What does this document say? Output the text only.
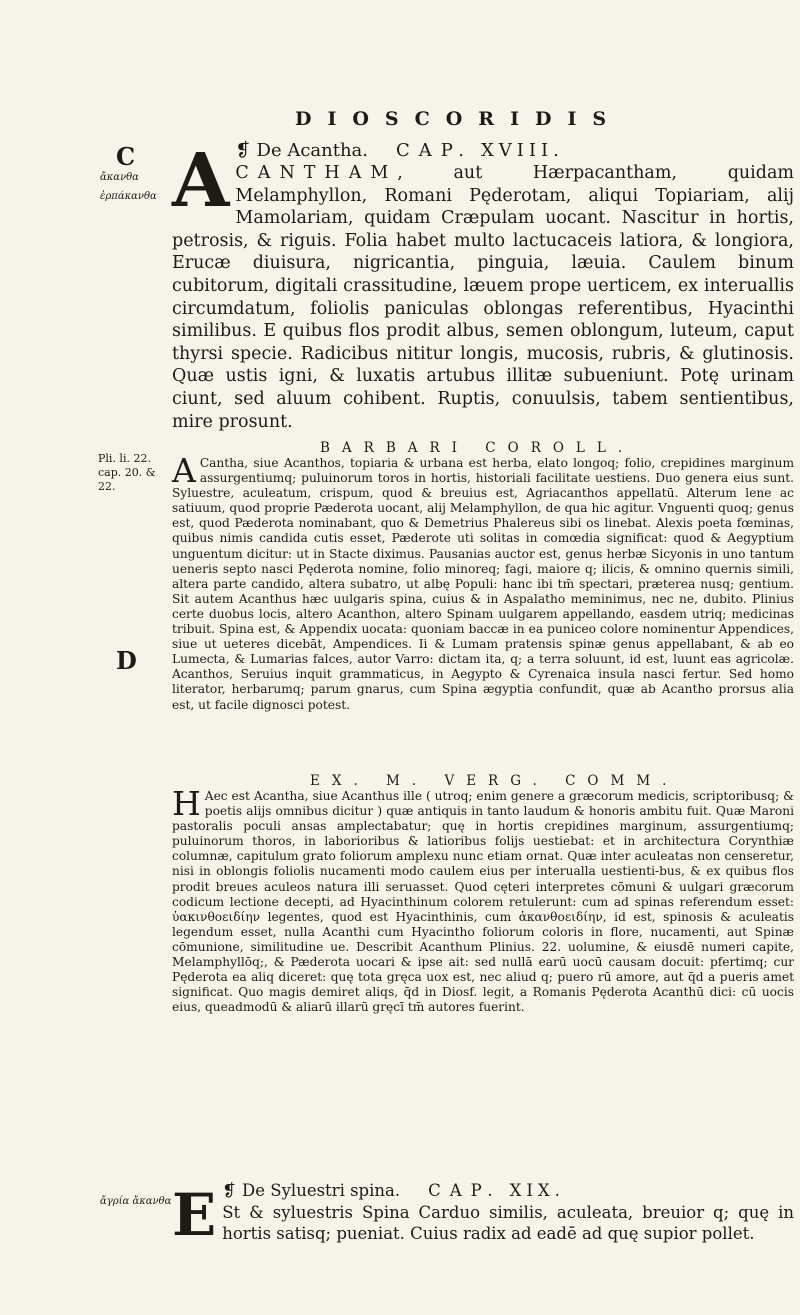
DIOSCORIDIS
C
ἄκανθα
ἐρπάκανθα
Pli. li. 22. cap. 20. & 22.
D
ἄγρία ἄκανθα
A ❡ De Acantha. CAP. XVIII.
CANTHAM, aut Hærpacantham, quidam Melamphyllon, Romani Pęderotam, aliqui Topiariam, alij Mamolariam, quidam Cræpulam uocant. Nascitur in hortis, petrosis, & riguis. Folia habet multo lactucaceis latiora, & longiora, Erucæ diuisura, nigricantia, pinguia, læuia. Caulem binum cubitorum, digitali crassitudine, læuem prope uerticem, ex interuallis circumdatum, foliolis paniculas oblongas referentibus, Hyacinthi similibus. E quibus flos prodit albus, semen oblongum, luteum, caput thyrsi specie. Radicibus nititur longis, mucosis, rubris, & glutinosis. Quæ ustis igni, & luxatis artubus illitæ subueniunt. Potę urinam ciunt, sed aluum cohibent. Ruptis, conuulsis, tabem sentientibus, mire prosunt.
BARBARI COROLL.
A Cantha, siue Acanthos, topiaria & urbana est herba, elato longoq; folio, crepidines marginum assurgentiumq; puluinorum toros in hortis, historiali facilitate uestiens. Duo genera eius sunt. Syluestre, aculeatum, crispum, quod & breuius est, Agriacanthos appellatū. Alterum lene ac satiuum, quod proprie Pæderota uocant, alij Melamphyllon, de qua hic agitur. Vnguenti quoq; genus est, quod Pæderota nominabant, quo & Demetrius Phalereus sibi os linebat. Alexis poeta fœminas, quibus nimis candida cutis esset, Pæderote uti solitas in comœdia significat: quod & Aegyptium unguentum dicitur: ut in Stacte diximus. Pausanias auctor est, genus herbæ Sicyonis in uno tantum ueneris septo nasci Pęderota nomine, folio minoreq; fagi, maiore q; ilicis, & omnino quernis simili, altera parte candido, altera subatro, ut albę Populi: hanc ibi tm̄ spectari, præterea nusq; gentium. Sit autem Acanthus hæc uulgaris spina, cuius & in Aspalatho meminimus, nec ne, dubito. Plinius certe duobus locis, altero Acanthon, altero Spinam uulgarem appellando, easdem utriq; medicinas tribuit. Spina est, & Appendix uocata: quoniam baccæ in ea puniceo colore nominentur Appendices, siue ut ueteres dicebāt, Ampendices. Ii & Lumam pratensis spinæ genus appellabant, & ab eo Lumecta, & Lumarias falces, autor Varro: dictam ita, q; a terra soluunt, id est, luunt eas agricolæ. Acanthos, Seruius inquit grammaticus, in Aegypto & Cyrenaica insula nasci fertur. Sed homo literator, herbarumq; parum gnarus, cum Spina ægyptia confundit, quæ ab Acantho prorsus alia est, ut facile dignosci potest.
EX. M. VERG. COMM.
H Aec est Acantha, siue Acanthus ille ( utroq; enim genere a græcorum medicis, scriptoribusq; & poetis alijs omnibus dicitur ) quæ antiquis in tanto laudum & honoris ambitu fuit. Quæ Maroni pastoralis poculi ansas amplectabatur; quę in hortis crepidines marginum, assurgentiumq; puluinorum thoros, in laborioribus & latioribus folijs uestiebat: et in architectura Corynthiæ columnæ, capitulum grato foliorum amplexu nunc etiam ornat. Quæ inter aculeatas non censeretur, nisi in oblongis foliolis nucamenti modo caulem eius per interualla uestienti-bus, & ex quibus flos prodit breues aculeos natura illi seruasset. Quod cęteri interpretes cōmuni & uulgari græcorum codicum lectione decepti, ad Hyacinthinum colorem retulerunt: cum ad spinas referendum esset: ὑακινθοειδίην legentes, quod est Hyacinthinis, cum ἀκανθοειδίην, id est, spinosis & aculeatis legendum esset, nulla Acanthi cum Hyacintho foliorum coloris in flore, nucamenti, aut Spinæ cōmunione, similitudine ue. Describit Acanthum Plinius. 22. uolumine, & eiusdē numeri capite, Melamphyllōq;, & Pæderota uocari & ipse ait: sed nullā earū uocū causam docuit: pfertimq; cur Pęderota ea aliq diceret: quę tota gręca uox est, nec aliud q; puero rū amore, aut q̄d a pueris amet significat. Quo magis demiret aliqs, q̄d in Diosf. legit, a Romanis Pęderota Acanthū dici: cū uocis eius, queadmodū & aliarū illarū gręcī tm̄ autores fuerint.
E ❡ De Syluestri spina. CAP. XIX.
St & syluestris Spina Carduo similis, aculeata, breuior q; quę in hortis satisq; pueniat. Cuius radix ad eadē ad quę supior pollet.
